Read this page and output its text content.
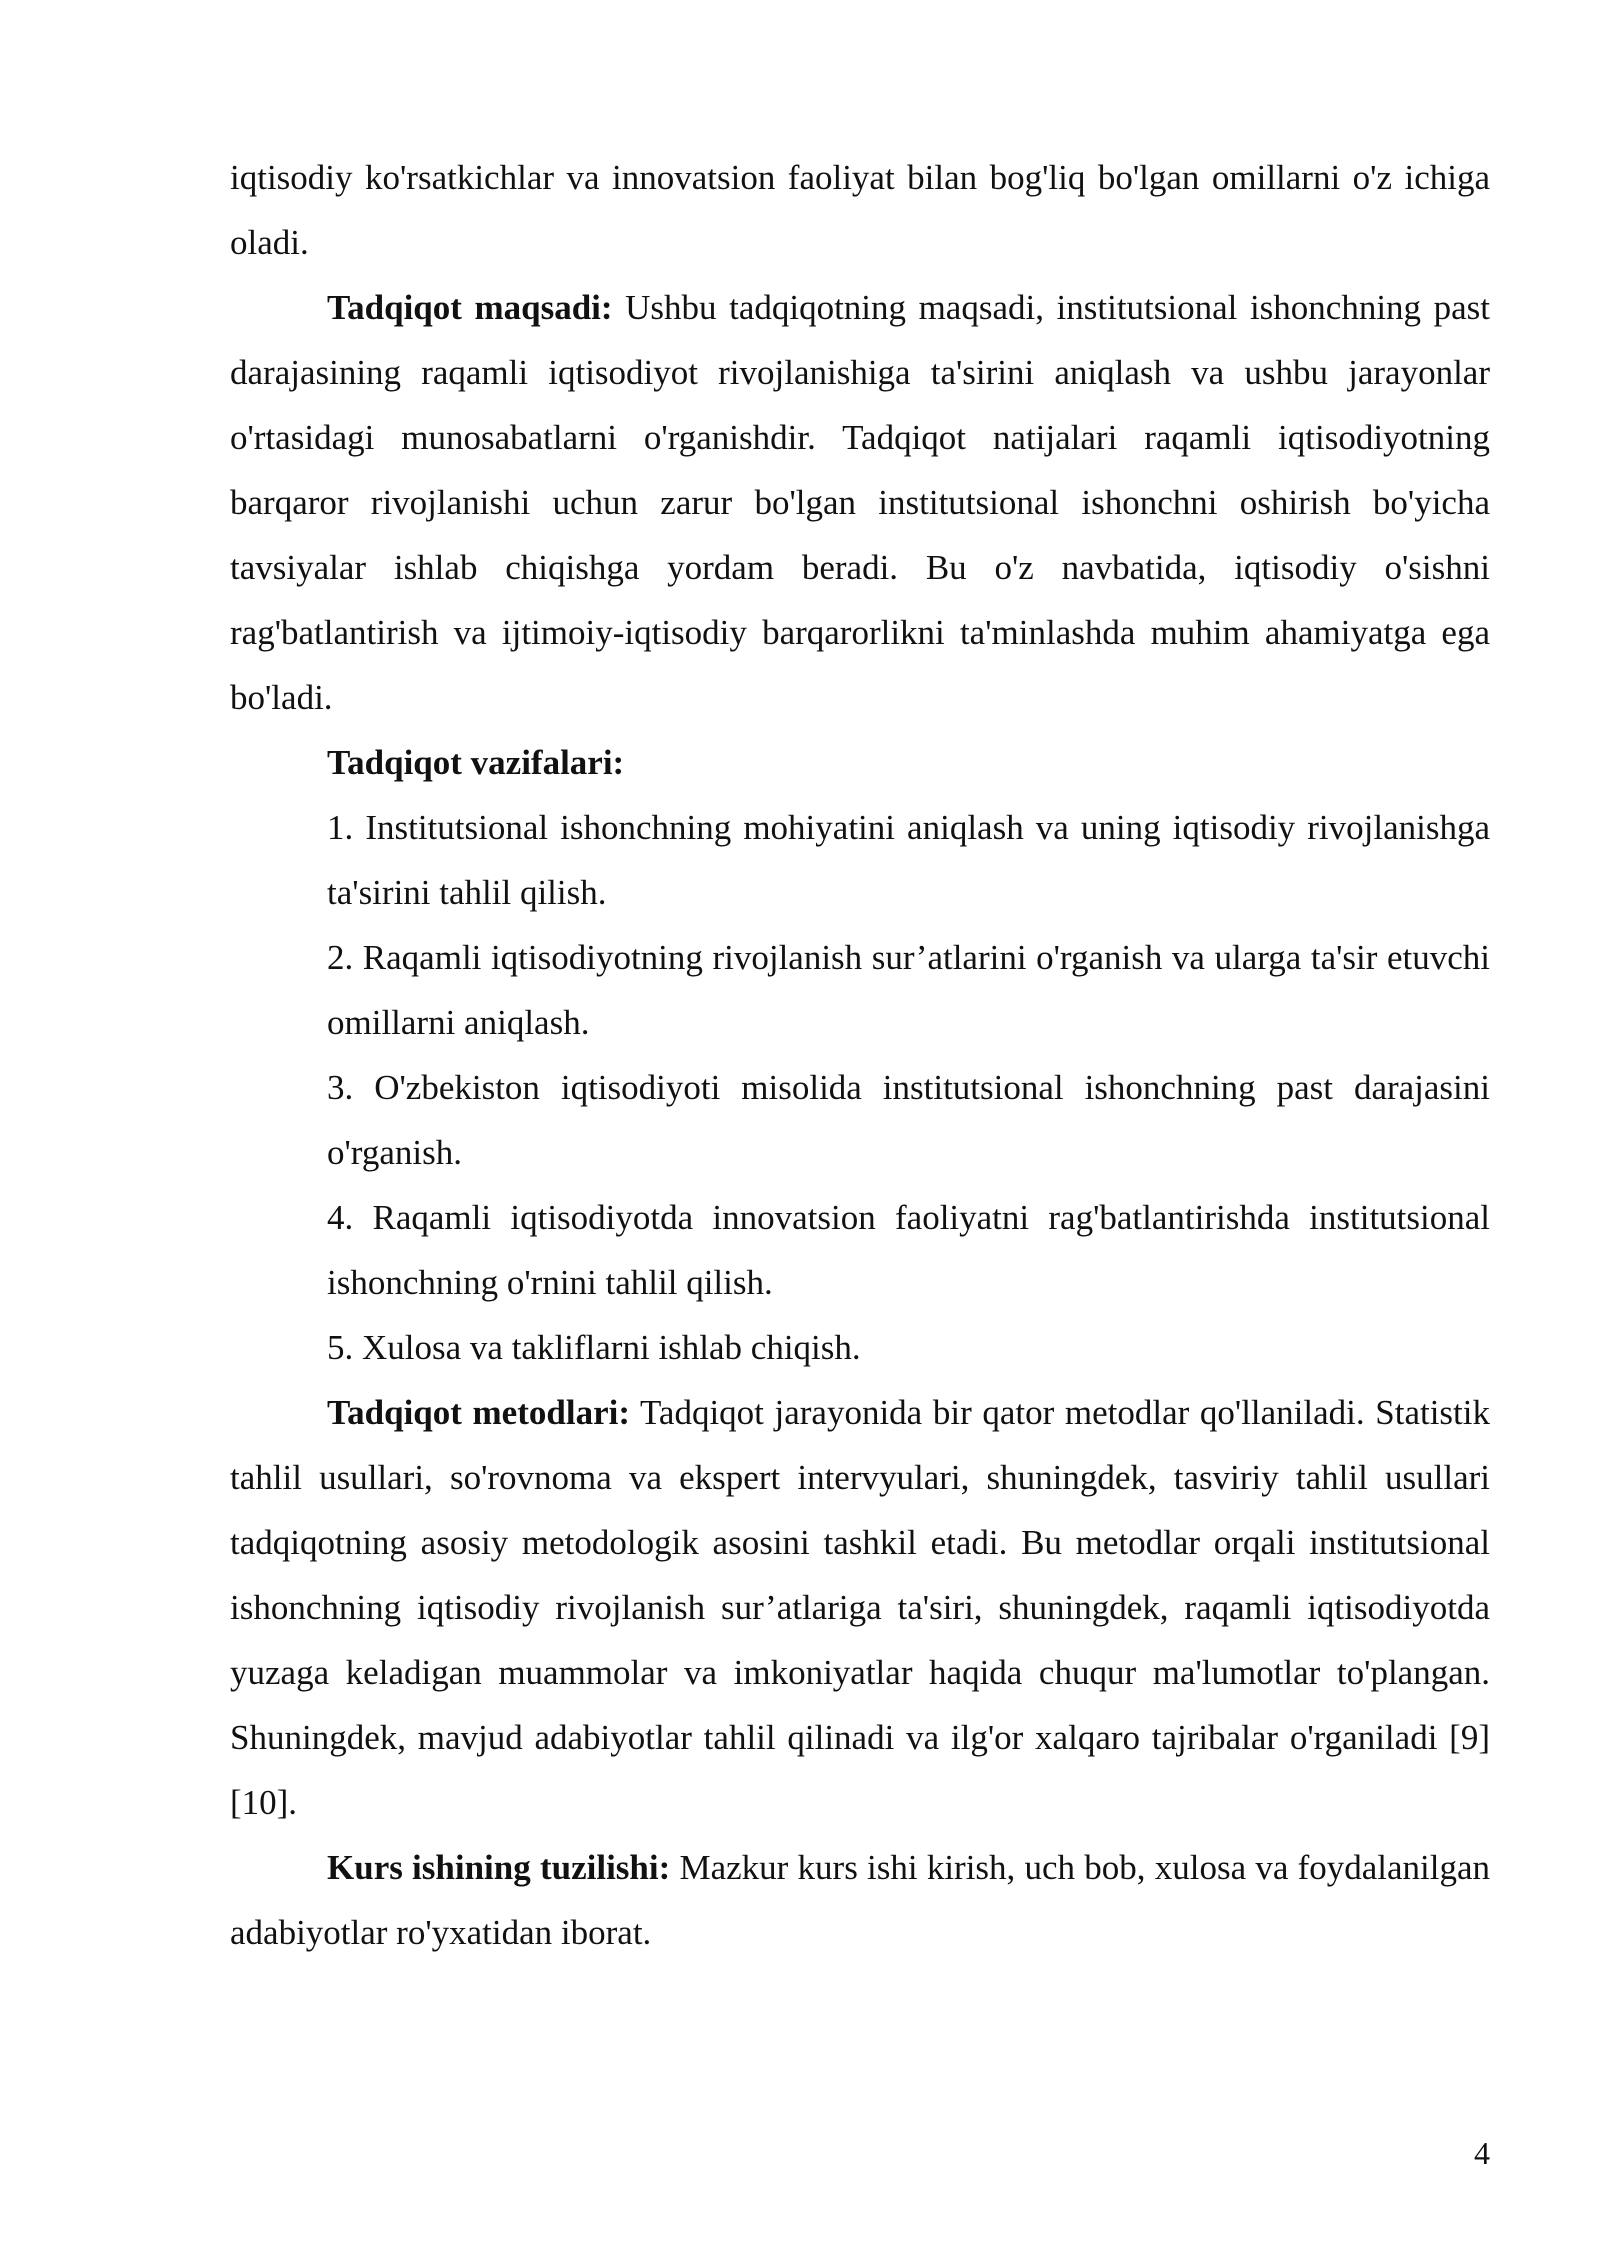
iqtisodiy ko'rsatkichlar va innovatsion faoliyat bilan bog'liq bo'lgan omillarni o'z ichiga oladi.

Tadqiqot maqsadi: Ushbu tadqiqotning maqsadi, institutsional ishonchning past darajasining raqamli iqtisodiyot rivojlanishiga ta'sirini aniqlash va ushbu jarayonlar o'rtasidagi munosabatlarni o'rganishdir. Tadqiqot natijalari raqamli iqtisodiyotning barqaror rivojlanishi uchun zarur bo'lgan institutsional ishonchni oshirish bo'yicha tavsiyalar ishlab chiqishga yordam beradi. Bu o'z navbatida, iqtisodiy o'sishni rag'batlantirish va ijtimoiy-iqtisodiy barqarorlikni ta'minlashda muhim ahamiyatga ega bo'ladi.

Tadqiqot vazifalari:

1. Institutsional ishonchning mohiyatini aniqlash va uning iqtisodiy rivojlanishga ta'sirini tahlil qilish.

2. Raqamli iqtisodiyotning rivojlanish sur’atlarini o'rganish va ularga ta'sir etuvchi omillarni aniqlash.

3. O'zbekiston iqtisodiyoti misolida institutsional ishonchning past darajasini o'rganish.

4. Raqamli iqtisodiyotda innovatsion faoliyatni rag'batlantirishda institutsional ishonchning o'rnini tahlil qilish.

5. Xulosa va takliflarni ishlab chiqish.

Tadqiqot metodlari: Tadqiqot jarayonida bir qator metodlar qo'llaniladi. Statistik tahlil usullari, so'rovnoma va ekspert intervyulari, shuningdek, tasviriy tahlil usullari tadqiqotning asosiy metodologik asosini tashkil etadi. Bu metodlar orqali institutsional ishonchning iqtisodiy rivojlanish sur’atlariga ta'siri, shuningdek, raqamli iqtisodiyotda yuzaga keladigan muammolar va imkoniyatlar haqida chuqur ma'lumotlar to'plangan. Shuningdek, mavjud adabiyotlar tahlil qilinadi va ilg'or xalqaro tajribalar o'rganiladi [9][10].

Kurs ishining tuzilishi: Mazkur kurs ishi kirish, uch bob, xulosa va foydalanilgan adabiyotlar ro'yxatidan iborat.

4
